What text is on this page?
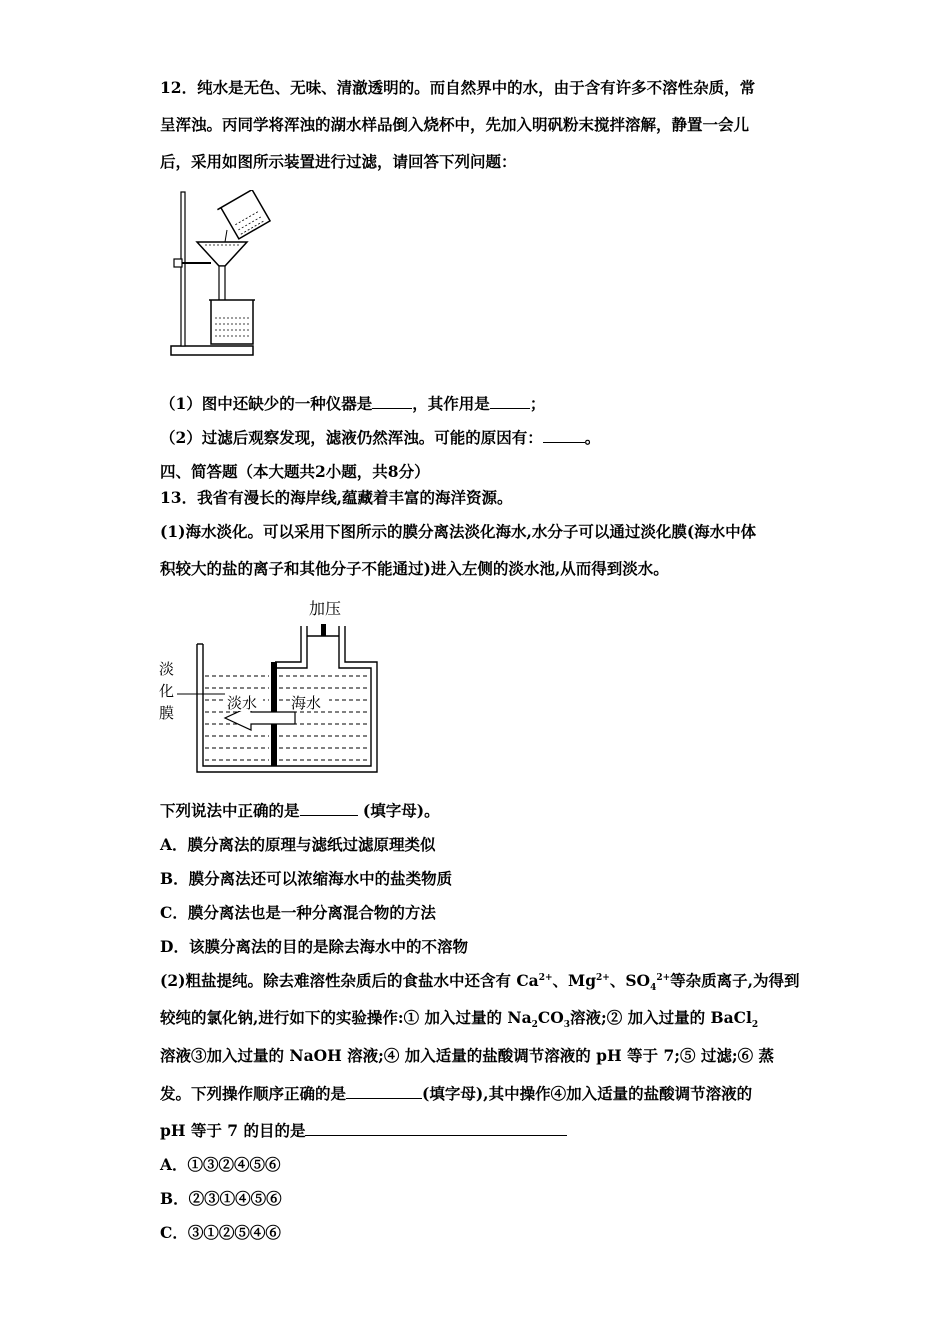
12．纯水是无色、无味、清澈透明的。而自然界中的水，由于含有许多不溶性杂质，常
呈浑浊。丙同学将浑浊的湖水样品倒入烧杯中，先加入明矾粉末搅拌溶解，静置一会儿
后，采用如图所示装置进行过滤，请回答下列问题：
（1）图中还缺少的一种仪器是	，其作用是	；
（2）过滤后观察发现，滤液仍然浑浊。可能的原因有：	。
四、简答题（本大题共2小题，共8分）
13．我省有漫长的海岸线,蕴藏着丰富的海洋资源。
(1)海水淡化。可以采用下图所示的膜分离法淡化海水,水分子可以通过淡化膜(海水中体
积较大的盐的离子和其他分子不能通过)进入左侧的淡水池,从而得到淡水。
加压
淡
化
膜
淡水 海水
下列说法中正确的是	(填字母)。
A．膜分离法的原理与滤纸过滤原理类似
B．膜分离法还可以浓缩海水中的盐类物质
C．膜分离法也是一种分离混合物的方法
D．该膜分离法的目的是除去海水中的不溶物
(2)粗盐提纯。除去难溶性杂质后的食盐水中还含有 $Ca^{2+}$、$Mg^{2+}$、$SO_4^{2+}$等杂质离子,为得到
较纯的氯化钠,进行如下的实验操作:① 加入过量的 $Na_2CO_3$溶液;② 加入过量的 BaCl$_2$
溶液③加入过量的 NaOH 溶液;④ 加入适量的盐酸调节溶液的 pH 等于 7;⑤ 过滤;⑥ 蒸
发。下列操作顺序正确的是	(填字母),其中操作④加入适量的盐酸调节溶液的
pH 等于 7 的目的是
A．①③②④⑤⑥
B．②③①④⑤⑥
C．③①②⑤④⑥
